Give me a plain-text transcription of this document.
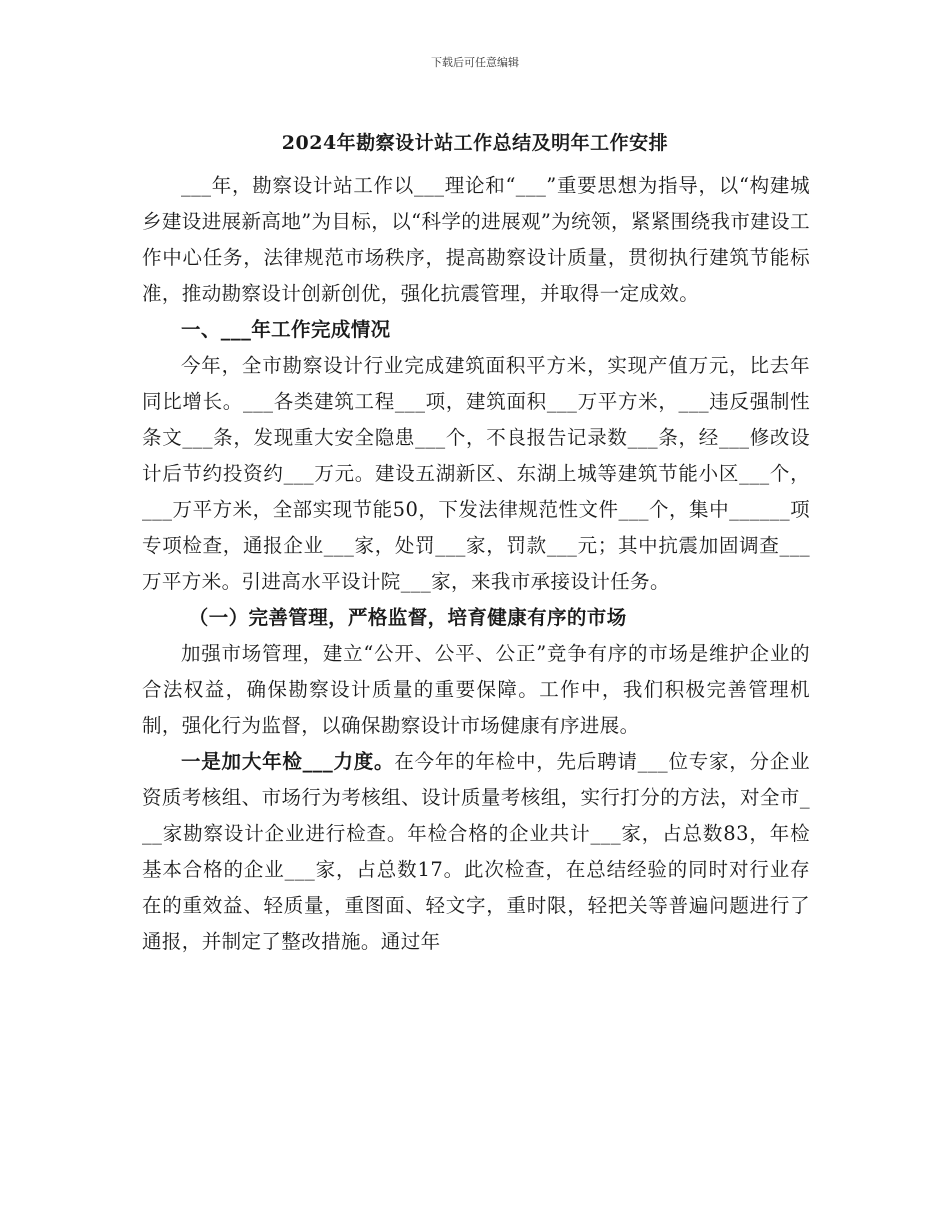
下载后可任意编辑
2024年勘察设计站工作总结及明年工作安排

___年，勘察设计站工作以___理论和“___”重要思想为指导，以“构建城乡建设进展新高地”为目标，以“科学的进展观”为统领，紧紧围绕我市建设工作中心任务，法律规范市场秩序，提高勘察设计质量，贯彻执行建筑节能标准，推动勘察设计创新创优，强化抗震管理，并取得一定成效。

一、___年工作完成情况

今年，全市勘察设计行业完成建筑面积平方米，实现产值万元，比去年同比增长。___各类建筑工程___项，建筑面积___万平方米，___违反强制性条文___条，发现重大安全隐患___个，不良报告记录数___条，经___修改设计后节约投资约___万元。建设五湖新区、东湖上城等建筑节能小区___个，___万平方米，全部实现节能50，下发法律规范性文件___个，集中______项专项检查，通报企业___家，处罚___家，罚款___元；其中抗震加固调查___万平方米。引进高水平设计院___家，来我市承接设计任务。

（一）完善管理，严格监督，培育健康有序的市场

加强市场管理，建立“公开、公平、公正”竞争有序的市场是维护企业的合法权益，确保勘察设计质量的重要保障。工作中，我们积极完善管理机制，强化行为监督，以确保勘察设计市场健康有序进展。

一是加大年检___力度。在今年的年检中，先后聘请___位专家，分企业资质考核组、市场行为考核组、设计质量考核组，实行打分的方法，对全市___家勘察设计企业进行检查。年检合格的企业共计___家，占总数83，年检基本合格的企业___家，占总数17。此次检查，在总结经验的同时对行业存在的重效益、轻质量，重图面、轻文字，重时限，轻把关等普遍问题进行了通报，并制定了整改措施。通过年
